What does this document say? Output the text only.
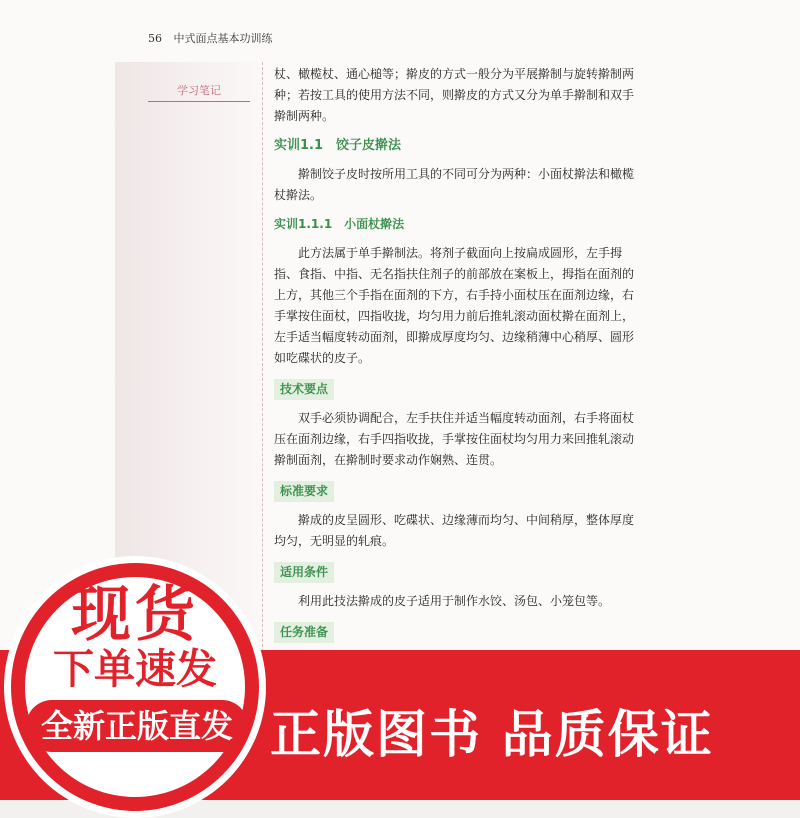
56 中式面点基本功训练
学习笔记

杖、橄榄杖、通心槌等；擀皮的方式一般分为平展擀制与旋转擀制两种；若按工具的使用方法不同，则擀皮的方式又分为单手擀制和双手擀制两种。

实训1.1　饺子皮擀法

擀制饺子皮时按所用工具的不同可分为两种：小面杖擀法和橄榄杖擀法。

实训1.1.1　小面杖擀法

此方法属于单手擀制法。将剂子截面向上按扁成圆形，左手拇指、食指、中指、无名指扶住剂子的前部放在案板上，拇指在面剂的上方，其他三个手指在面剂的下方，右手持小面杖压在面剂边缘，右手掌按住面杖，四指收拢，均匀用力前后推轧滚动面杖擀在面剂上，左手适当幅度转动面剂，即擀成厚度均匀、边缘稍薄中心稍厚、圆形如吃碟状的皮子。

技术要点

双手必须协调配合，左手扶住并适当幅度转动面剂，右手将面杖压在面剂边缘，右手四指收拢，手掌按住面杖均匀用力来回推轧滚动擀制面剂，在擀制时要求动作娴熟、连贯。

标准要求

擀成的皮呈圆形、吃碟状、边缘薄而均匀、中间稍厚，整体厚度均匀，无明显的轧痕。

适用条件

利用此技法擀成的皮子适用于制作水饺、汤包、小笼包等。

任务准备

正版图书 品质保证
现货
下单速发
全新正版直发
